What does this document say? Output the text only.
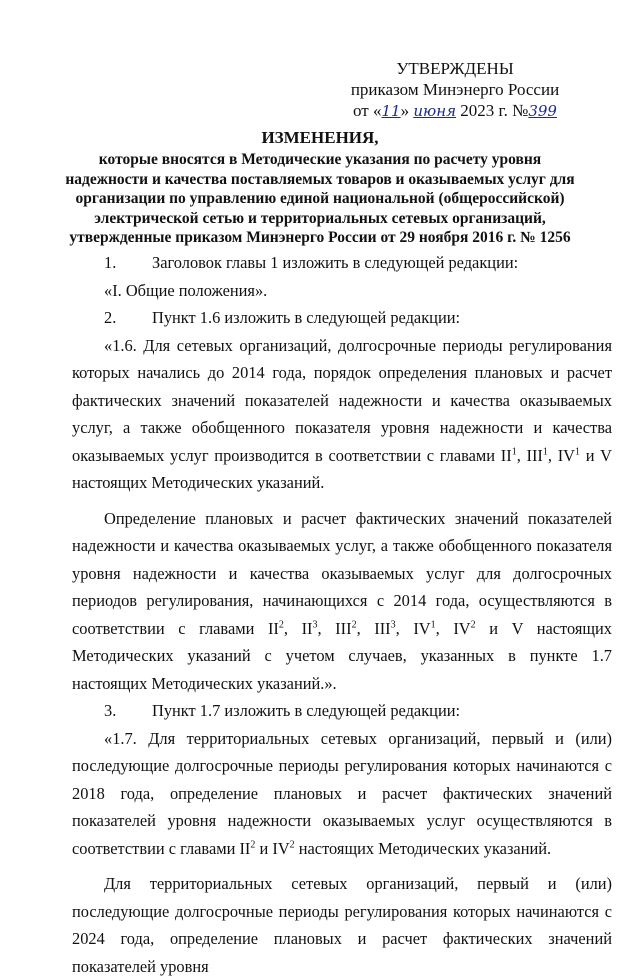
УТВЕРЖДЕНЫ
приказом Минэнерго России
от «11» июня 2023 г. №399
ИЗМЕНЕНИЯ,
которые вносятся в Методические указания по расчету уровня надежности и качества поставляемых товаров и оказываемых услуг для организации по управлению единой национальной (общероссийской) электрической сетью и территориальных сетевых организаций, утвержденные приказом Минэнерго России от 29 ноября 2016 г. № 1256

1. Заголовок главы 1 изложить в следующей редакции:

«I. Общие положения».

2. Пункт 1.6 изложить в следующей редакции:

«1.6. Для сетевых организаций, долгосрочные периоды регулирования которых начались до 2014 года, порядок определения плановых и расчет фактических значений показателей надежности и качества оказываемых услуг, а также обобщенного показателя уровня надежности и качества оказываемых услуг производится в соответствии с главами $II^1$, III$^1$, $IV^1$ и V настоящих Методических указаний.

Определение плановых и расчет фактических значений показателей надежности и качества оказываемых услуг, а также обобщенного показателя уровня надежности и качества оказываемых услуг для долгосрочных периодов регулирования, начинающихся с 2014 года, осуществляются в соответствии с главами $II^2$, $II^3$, III$^2$, III$^3$, $IV^1$, $IV^2$ и V настоящих Методических указаний с учетом случаев, указанных в пункте 1.7 настоящих Методических указаний.».

3. Пункт 1.7 изложить в следующей редакции:

«1.7. Для территориальных сетевых организаций, первый и (или) последующие долгосрочные периоды регулирования которых начинаются с 2018 года, определение плановых и расчет фактических значений показателей уровня надежности оказываемых услуг осуществляются в соответствии с главами $II^2$ и $IV^2$ настоящих Методических указаний.

Для территориальных сетевых организаций, первый и (или) последующие долгосрочные периоды регулирования которых начинаются с 2024 года, определение плановых и расчет фактических значений показателей уровня
